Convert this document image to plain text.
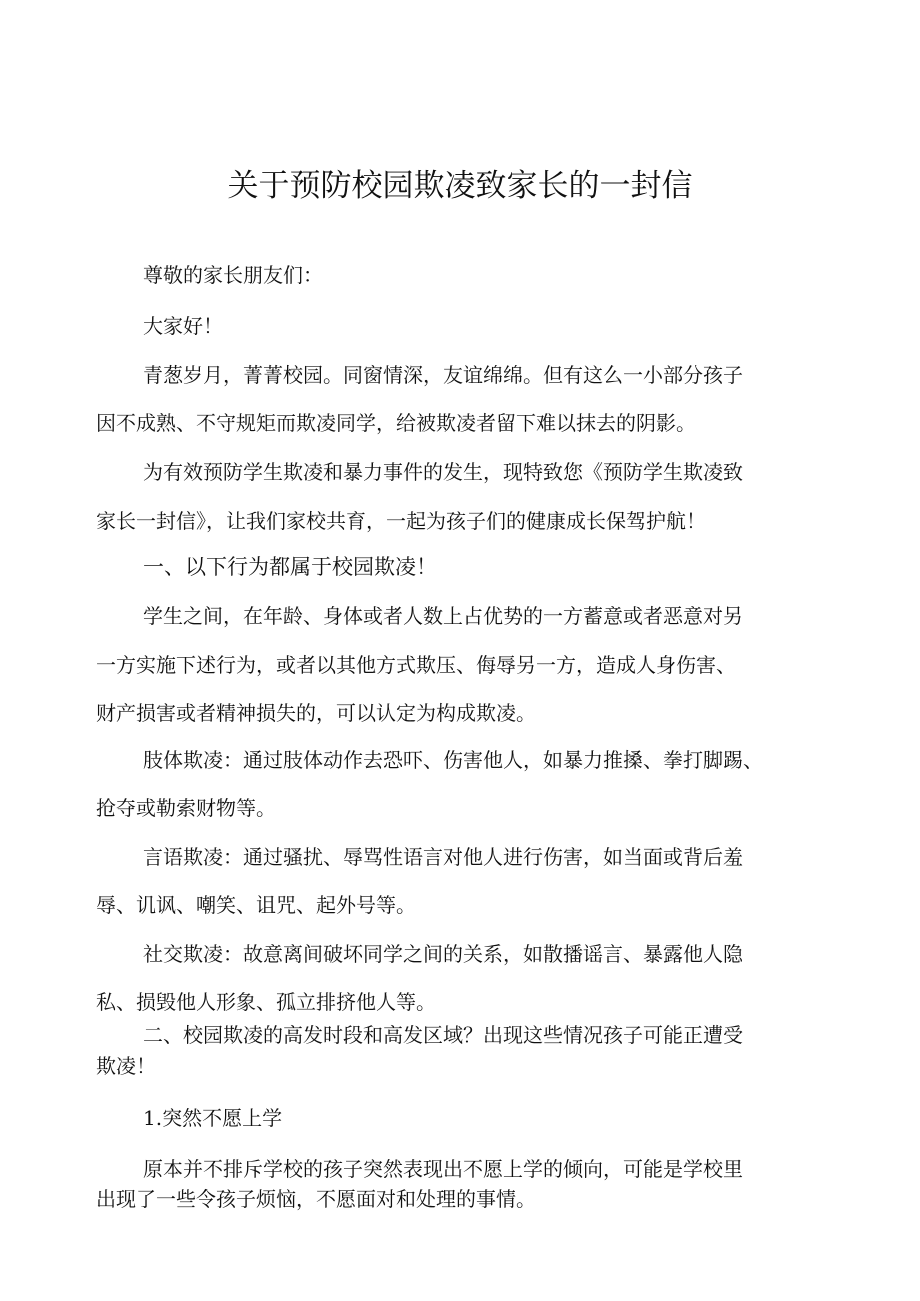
关于预防校园欺凌致家长的一封信
尊敬的家长朋友们：
大家好！
青葱岁月，菁菁校园。同窗情深，友谊绵绵。但有这么一小部分孩子
因不成熟、不守规矩而欺凌同学，给被欺凌者留下难以抹去的阴影。
为有效预防学生欺凌和暴力事件的发生，现特致您《预防学生欺凌致
家长一封信》，让我们家校共育，一起为孩子们的健康成长保驾护航！
一、以下行为都属于校园欺凌！
学生之间，在年龄、身体或者人数上占优势的一方蓄意或者恶意对另
一方实施下述行为，或者以其他方式欺压、侮辱另一方，造成人身伤害、
财产损害或者精神损失的，可以认定为构成欺凌。
肢体欺凌：通过肢体动作去恐吓、伤害他人，如暴力推搡、拳打脚踢、
抢夺或勒索财物等。
言语欺凌：通过骚扰、辱骂性语言对他人进行伤害，如当面或背后羞
辱、讥讽、嘲笑、诅咒、起外号等。
社交欺凌：故意离间破坏同学之间的关系，如散播谣言、暴露他人隐
私、损毁他人形象、孤立排挤他人等。
二、校园欺凌的高发时段和高发区域？出现这些情况孩子可能正遭受
欺凌！
1.突然不愿上学
原本并不排斥学校的孩子突然表现出不愿上学的倾向，可能是学校里
出现了一些令孩子烦恼，不愿面对和处理的事情。
